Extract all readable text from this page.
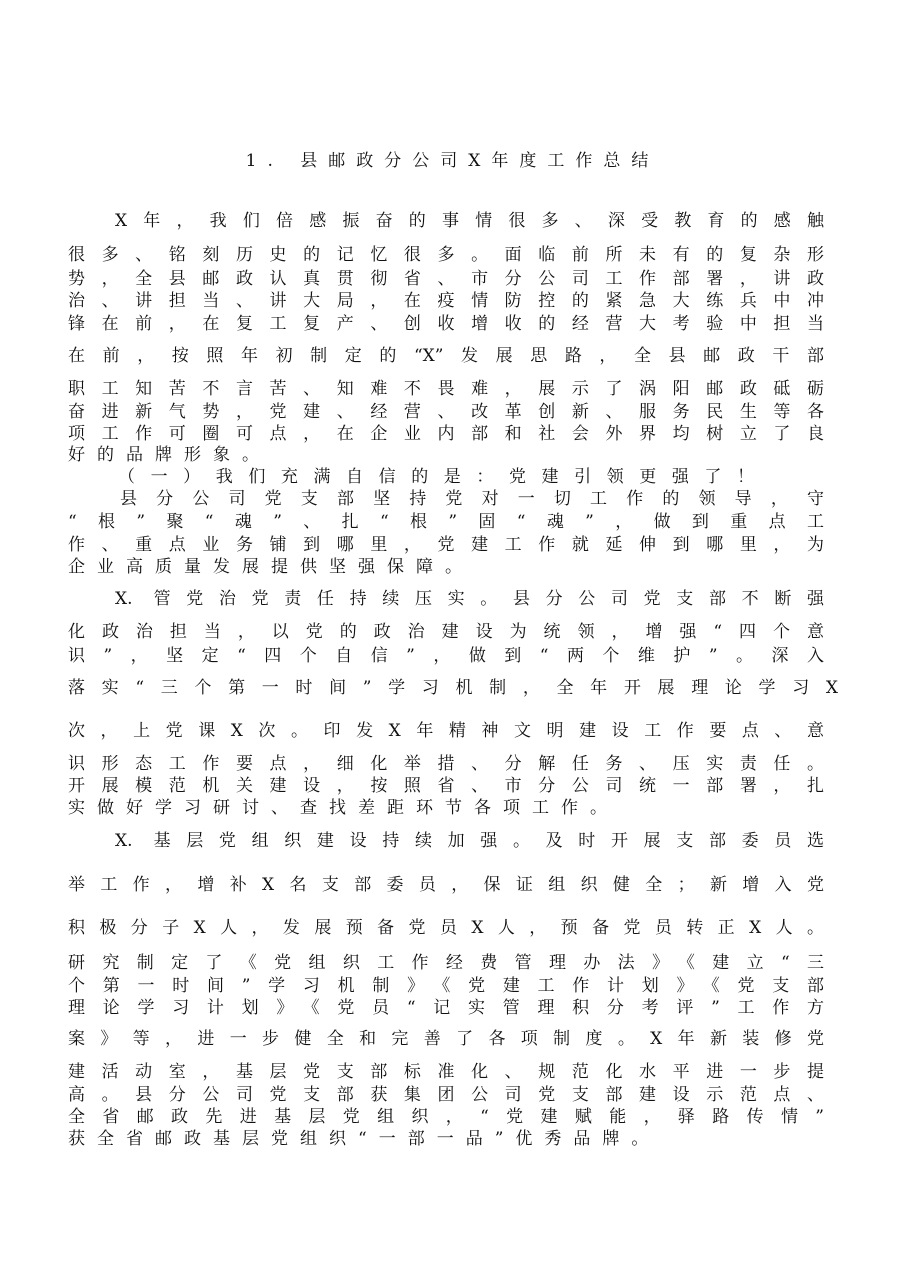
1. 县邮政分公司X年度工作总结
X年，我们倍感振奋的事情很多、深受教育的感触
很多、铭刻历史的记忆很多。面临前所未有的复杂形
势，全县邮政认真贯彻省、市分公司工作部署，讲政
治、讲担当、讲大局，在疫情防控的紧急大练兵中冲
锋在前，在复工复产、创收增收的经营大考验中担当
在前，按照年初制定的“X”发展思路，全县邮政干部
职工知苦不言苦、知难不畏难，展示了涡阳邮政砥砺
奋进新气势，党建、经营、改革创新、服务民生等各
项工作可圈可点，在企业内部和社会外界均树立了良
好的品牌形象。
（一）我们充满自信的是：党建引领更强了！
县分公司党支部坚持党对一切工作的领导，守
“根”聚“魂”、扎“根”固“魂”，做到重点工
作、重点业务铺到哪里，党建工作就延伸到哪里，为
企业高质量发展提供坚强保障。
X. 管党治党责任持续压实。县分公司党支部不断强
化政治担当，以党的政治建设为统领，增强“四个意
识”，坚定“四个自信”，做到“两个维护”。深入
落实“三个第一时间”学习机制，全年开展理论学习X
次，上党课X次。印发X年精神文明建设工作要点、意
识形态工作要点，细化举措、分解任务、压实责任。
开展模范机关建设，按照省、市分公司统一部署，扎
实做好学习研讨、查找差距环节各项工作。
X. 基层党组织建设持续加强。及时开展支部委员选
举工作，增补X名支部委员，保证组织健全；新增入党
积极分子X人，发展预备党员X人，预备党员转正X人。
研究制定了《党组织工作经费管理办法》《建立“三
个第一时间”学习机制》《党建工作计划》《党支部
理论学习计划》《党员“记实管理积分考评”工作方
案》等，进一步健全和完善了各项制度。X年新装修党
建活动室，基层党支部标准化、规范化水平进一步提
高。县分公司党支部获集团公司党支部建设示范点、
全省邮政先进基层党组织，“党建赋能，驿路传情”
获全省邮政基层党组织“一部一品”优秀品牌。
